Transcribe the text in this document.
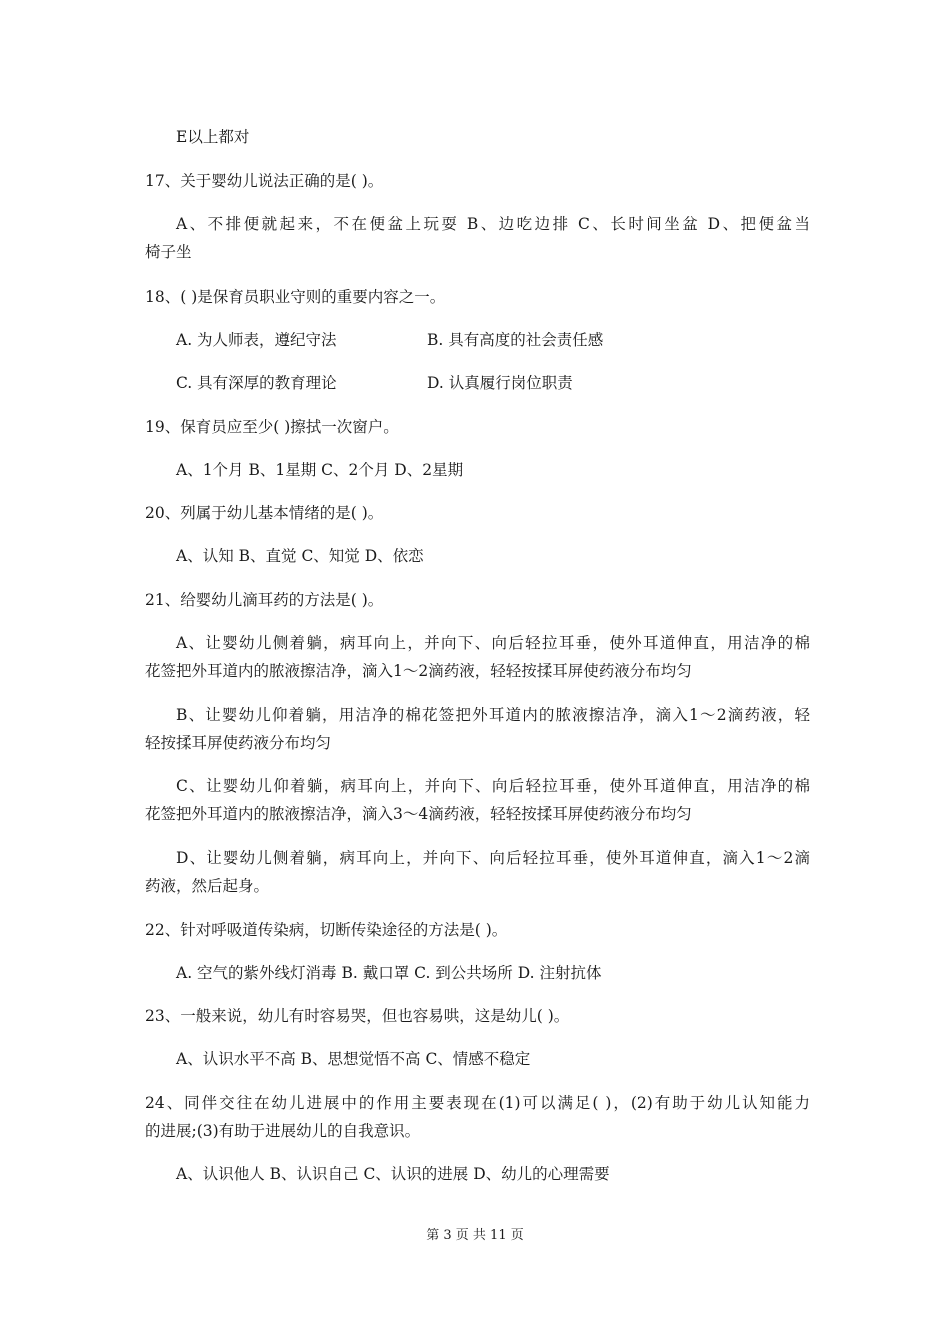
E以上都对
17、关于婴幼儿说法正确的是( )。
A、不排便就起来，不在便盆上玩耍 B、边吃边排 C、长时间坐盆 D、把便盆当
椅子坐
18、( )是保育员职业守则的重要内容之一。
A. 为人师表，遵纪守法	B. 具有高度的社会责任感
C. 具有深厚的教育理论	D. 认真履行岗位职责
19、保育员应至少( )擦拭一次窗户。
A、1个月 B、1星期 C、2个月 D、2星期
20、列属于幼儿基本情绪的是( )。
A、认知 B、直觉 C、知觉 D、依恋
21、给婴幼儿滴耳药的方法是( )。
A、让婴幼儿侧着躺，病耳向上，并向下、向后轻拉耳垂，使外耳道伸直，用洁净的棉
花签把外耳道内的脓液擦洁净，滴入1～2滴药液，轻轻按揉耳屏使药液分布均匀
B、让婴幼儿仰着躺，用洁净的棉花签把外耳道内的脓液擦洁净，滴入1～2滴药液，轻
轻按揉耳屏使药液分布均匀
C、让婴幼儿仰着躺，病耳向上，并向下、向后轻拉耳垂，使外耳道伸直，用洁净的棉
花签把外耳道内的脓液擦洁净，滴入3～4滴药液，轻轻按揉耳屏使药液分布均匀
D、让婴幼儿侧着躺，病耳向上，并向下、向后轻拉耳垂，使外耳道伸直，滴入1～2滴
药液，然后起身。
22、针对呼吸道传染病，切断传染途径的方法是( )。
A. 空气的紫外线灯消毒 B. 戴口罩 C. 到公共场所 D. 注射抗体
23、一般来说，幼儿有时容易哭，但也容易哄，这是幼儿( )。
A、认识水平不高 B、思想觉悟不高 C、情感不稳定
24、同伴交往在幼儿进展中的作用主要表现在(1)可以满足( )，(2)有助于幼儿认知能力
的进展;(3)有助于进展幼儿的自我意识。
A、认识他人 B、认识自己 C、认识的进展 D、幼儿的心理需要
第 3 页 共 11 页
